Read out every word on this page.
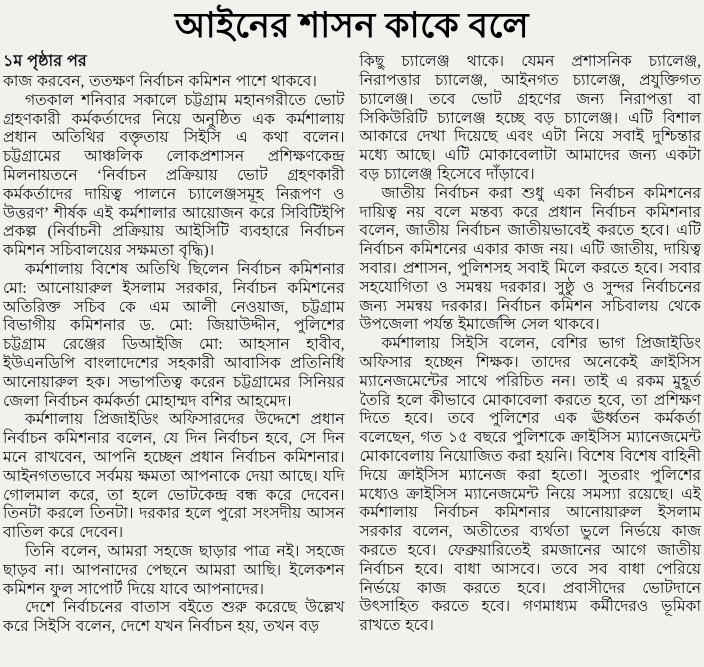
আইনের শাসন কাকে বলে
১ম পৃষ্ঠার পর

কাজ করবেন, ততক্ষণ নির্বাচন কমিশন পাশে থাকবে।

গতকাল শনিবার সকালে চট্টগ্রাম মহানগরীতে ভোট গ্রহণকারী কর্মকর্তাদের নিয়ে অনুষ্ঠিত এক কর্মশালায় প্রধান অতিথির বক্তৃতায় সিইসি এ কথা বলেন। চট্টগ্রামের আঞ্চলিক লোকপ্রশাসন প্রশিক্ষণকেন্দ্র মিলনায়তনে ‘নির্বাচন প্রক্রিয়ায় ভোট গ্রহণকারী কর্মকর্তাদের দায়িত্ব পালনে চ্যালেঞ্জসমূহ নিরূপণ ও উত্তরণ’ শীর্ষক এই কর্মশালার আয়োজন করে সিবিটিইপি প্রকল্প (নির্বাচনী প্রক্রিয়ায় আইসিটি ব্যবহারে নির্বাচন কমিশন সচিবালয়ের সক্ষমতা বৃদ্ধি)।

কর্মশালায় বিশেষ অতিথি ছিলেন নির্বাচন কমিশনার মো: আনোয়ারুল ইসলাম সরকার, নির্বাচন কমিশনের অতিরিক্ত সচিব কে এম আলী নেওয়াজ, চট্টগ্রাম বিভাগীয় কমিশনার ড. মো: জিয়াউদ্দীন, পুলিশের চট্টগ্রাম রেঞ্জের ডিআইজি মো: আহসান হাবীব, ইউএনডিপি বাংলাদেশের সহকারী আবাসিক প্রতিনিধি আনোয়ারুল হক। সভাপতিত্ব করেন চট্টগ্রামের সিনিয়র জেলা নির্বাচন কর্মকর্তা মোহাম্মদ বশির আহমেদ।

কর্মশালায় প্রিজাইডিং অফিসারদের উদ্দেশে প্রধান নির্বাচন কমিশনার বলেন, যে দিন নির্বাচন হবে, সে দিন মনে রাখবেন, আপনি হচ্ছেন প্রধান নির্বাচন কমিশনার। আইনগতভাবে সর্বময় ক্ষমতা আপনাকে দেয়া আছে। যদি গোলমাল করে, তা হলে ভোটকেন্দ্র বন্ধ করে দেবেন। তিনটা করলে তিনটা। দরকার হলে পুরো সংসদীয় আসন বাতিল করে দেবেন।

তিনি বলেন, আমরা সহজে ছাড়ার পাত্র নই। সহজে ছাড়ব না। আপনাদের পেছনে আমরা আছি। ইলেকশন কমিশন ফুল সাপোর্ট দিয়ে যাবে আপনাদের।

দেশে নির্বাচনের বাতাস বইতে শুরু করেছে উল্লেখ করে সিইসি বলেন, দেশে যখন নির্বাচন হয়, তখন বড়

কিছু চ্যালেঞ্জ থাকে। যেমন প্রশাসনিক চ্যালেঞ্জ, নিরাপত্তার চ্যালেঞ্জ, আইনগত চ্যালেঞ্জ, প্রযুক্তিগত চ্যালেঞ্জ। তবে ভোট গ্রহণের জন্য নিরাপত্তা বা সিকিউরিটি চ্যালেঞ্জ হচ্ছে বড় চ্যালেঞ্জ। এটি বিশাল আকারে দেখা দিয়েছে এবং এটা নিয়ে সবাই দুশ্চিন্তার মধ্যে আছে। এটি মোকাবেলাটা আমাদের জন্য একটা বড় চ্যালেঞ্জ হিসেবে দাঁড়াবে।

জাতীয় নির্বাচন করা শুধু একা নির্বাচন কমিশনের দায়িত্ব নয় বলে মন্তব্য করে প্রধান নির্বাচন কমিশনার বলেন, জাতীয় নির্বাচন জাতীয়ভাবেই করতে হবে। এটি নির্বাচন কমিশনের একার কাজ নয়। এটি জাতীয়, দায়িত্ব সবার। প্রশাসন, পুলিশসহ সবাই মিলে করতে হবে। সবার সহযোগিতা ও সমন্বয় দরকার। সুষ্ঠু ও সুন্দর নির্বাচনের জন্য সমন্বয় দরকার। নির্বাচন কমিশন সচিবালয় থেকে উপজেলা পর্যন্ত ইমার্জেন্সি সেল থাকবে।

কর্মশালায় সিইসি বলেন, বেশির ভাগ প্রিজাইডিং অফিসার হচ্ছেন শিক্ষক। তাদের অনেকেই ক্রাইসিস ম্যানেজমেন্টের সাথে পরিচিত নন। তাই এ রকম মুহূর্ত তৈরি হলে কীভাবে মোকাবেলা করতে হবে, তা প্রশিক্ষণ দিতে হবে। তবে পুলিশের এক ঊর্ধ্বতন কর্মকর্তা বলেছেন, গত ১৫ বছরে পুলিশকে ক্রাইসিস ম্যানেজমেন্ট মোকাবেলায় নিয়োজিত করা হয়নি। বিশেষ বিশেষ বাহিনী দিয়ে ক্রাইসিস ম্যানেজ করা হতো। সুতরাং পুলিশের মধ্যেও ক্রাইসিস ম্যানেজমেন্ট নিয়ে সমস্যা রয়েছে। এই কর্মশালায় নির্বাচন কমিশনার আনোয়ারুল ইসলাম সরকার বলেন, অতীতের ব্যর্থতা ভুলে নির্ভয়ে কাজ করতে হবে। ফেব্রুয়ারিতেই রমজানের আগে জাতীয় নির্বাচন হবে। বাধা আসবে। তবে সব বাধা পেরিয়ে নির্ভয়ে কাজ করতে হবে। প্রবাসীদের ভোটদানে উৎসাহিত করতে হবে। গণমাধ্যম কর্মীদেরও ভূমিকা রাখতে হবে।
